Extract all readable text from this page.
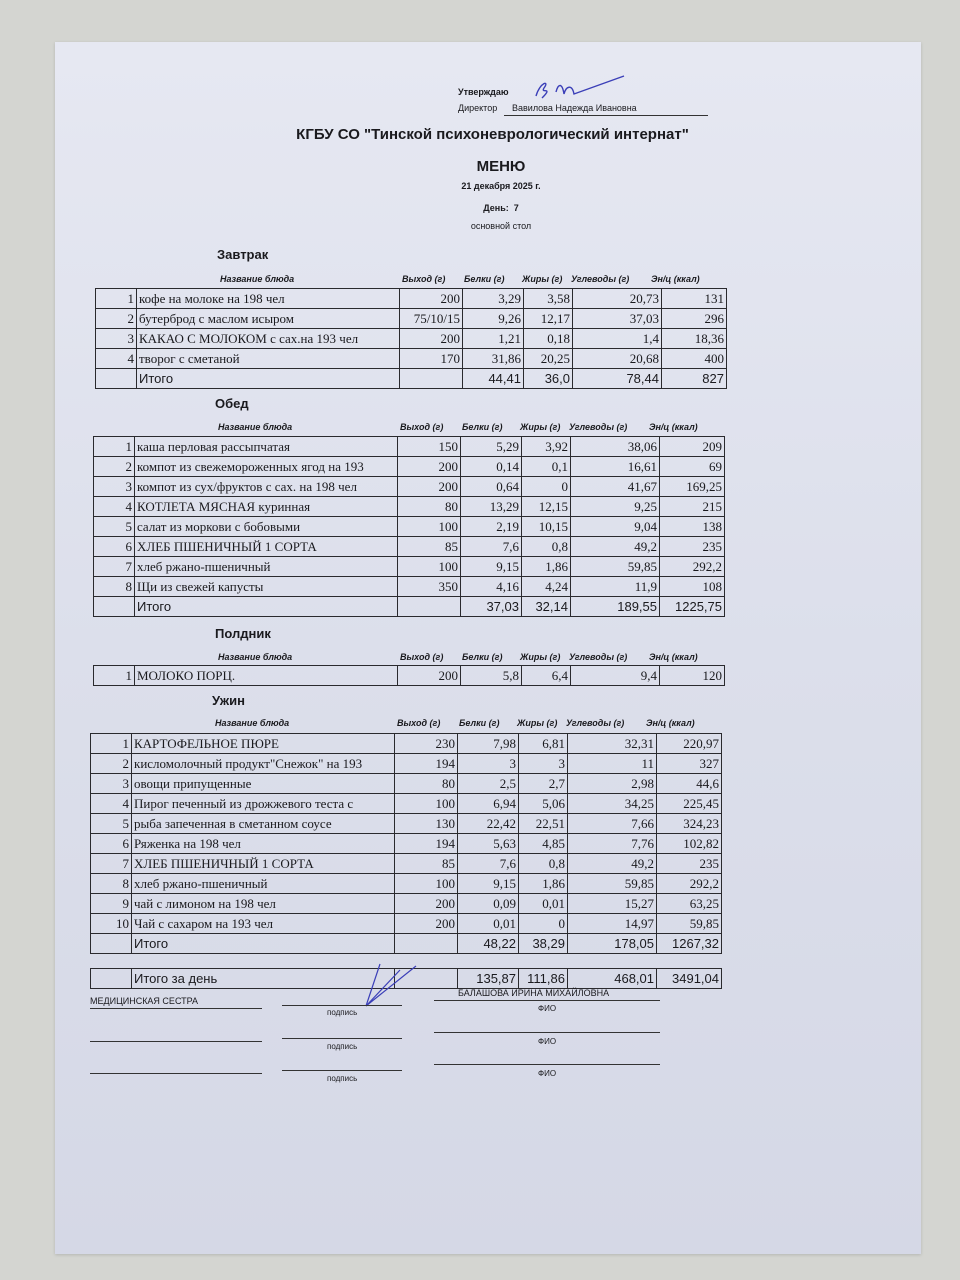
Утверждаю
Директор Вавилова Надежда Ивановна
КГБУ СО "Тинской психоневрологический интернат"
МЕНЮ
21 декабря 2025 г.
День: 7
основной стол
Завтрак
Название блюда	Выход (г) Белки (г) Жиры (г) Углеводы (г) Эн/ц (ккал)
1	кофе на молоке на 198 чел	200	3,29	3,58	20,73	131
2	бутерброд с маслом исыром	75/10/15	9,26	12,17	37,03	296
3	КАКАО С МОЛОКОМ с сах.на 193 чел	200	1,21	0,18	1,4	18,36
4	творог с сметаной	170	31,86	20,25	20,68	400
	Итого		44,41	36,0	78,44	827
Обед
Название блюда	Выход (г) Белки (г) Жиры (г) Углеводы (г) Эн/ц (ккал)
1	каша перловая рассыпчатая	150	5,29	3,92	38,06	209
2	компот из свежемороженных ягод на 193	200	0,14	0,1	16,61	69
3	компот из сух/фруктов с сах. на 198 чел	200	0,64	0	41,67	169,25
4	КОТЛЕТА МЯСНАЯ куринная	80	13,29	12,15	9,25	215
5	салат из моркови с бобовыми	100	2,19	10,15	9,04	138
6	ХЛЕБ ПШЕНИЧНЫЙ 1 СОРТА	85	7,6	0,8	49,2	235
7	хлеб ржано-пшеничный	100	9,15	1,86	59,85	292,2
8	Щи из свежей капусты	350	4,16	4,24	11,9	108
	Итого		37,03	32,14	189,55	1225,75
Полдник
Название блюда	Выход (г) Белки (г) Жиры (г) Углеводы (г) Эн/ц (ккал)
1	МОЛОКО ПОРЦ.	200	5,8	6,4	9,4	120
Ужин
Название блюда	Выход (г) Белки (г) Жиры (г) Углеводы (г) Эн/ц (ккал)
1	КАРТОФЕЛЬНОЕ ПЮРЕ	230	7,98	6,81	32,31	220,97
2	кисломолочный продукт"Снежок" на 193	194	3	3	11	327
3	овощи припущенные	80	2,5	2,7	2,98	44,6
4	Пирог печенный из дрожжевого теста с	100	6,94	5,06	34,25	225,45
5	рыба запеченная в сметанном соусе	130	22,42	22,51	7,66	324,23
6	Ряженка на 198 чел	194	5,63	4,85	7,76	102,82
7	ХЛЕБ ПШЕНИЧНЫЙ 1 СОРТА	85	7,6	0,8	49,2	235
8	хлеб ржано-пшеничный	100	9,15	1,86	59,85	292,2
9	чай с лимоном на 198 чел	200	0,09	0,01	15,27	63,25
10	Чай с сахаром на 193 чел	200	0,01	0	14,97	59,85
	Итого		48,22	38,29	178,05	1267,32
	Итого за день		135,87	111,86	468,01	3491,04
МЕДИЦИНСКАЯ СЕСТРА
подпись
БАЛАШОВА ИРИНА МИХАЙЛОВНА
ФИО
подпись
ФИО
подпись
ФИО
